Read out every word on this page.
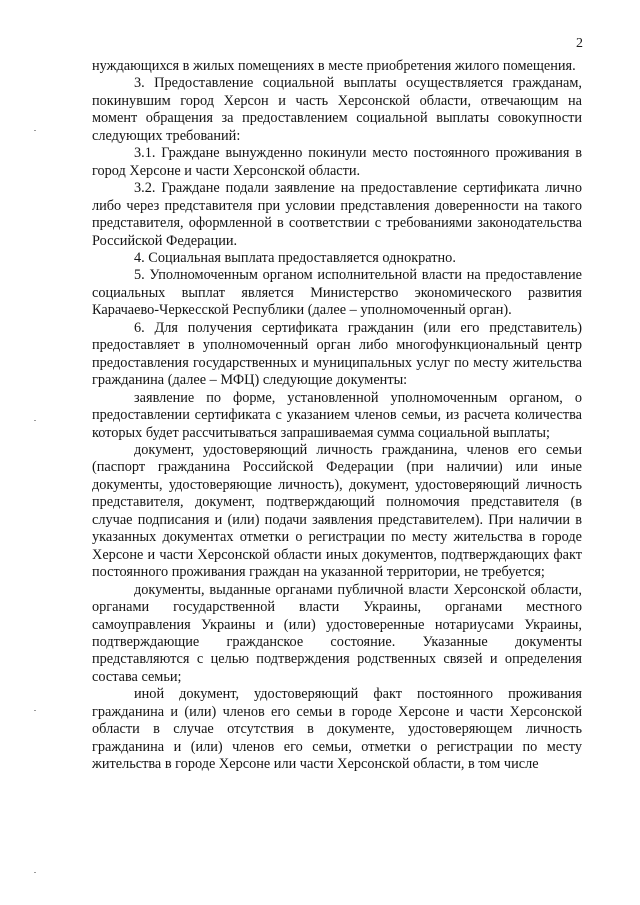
2

нуждающихся в жилых помещениях в месте приобретения жилого помещения.

3. Предоставление социальной выплаты осуществляется гражданам, покинувшим город Херсон и часть Херсонской области, отвечающим на момент обращения за предоставлением социальной выплаты совокупности следующих требований:

3.1. Граждане вынужденно покинули место постоянного проживания в город Херсоне и части Херсонской области.

3.2. Граждане подали заявление на предоставление сертификата лично либо через представителя при условии представления доверенности на такого представителя, оформленной в соответствии с требованиями законодательства Российской Федерации.

4. Социальная выплата предоставляется однократно.

5. Уполномоченным органом исполнительной власти на предоставление социальных выплат является Министерство экономического развития Карачаево-Черкесской Республики (далее – уполномоченный орган).

6. Для получения сертификата гражданин (или его представитель) предоставляет в уполномоченный орган либо многофункциональный центр предоставления государственных и муниципальных услуг по месту жительства гражданина (далее – МФЦ) следующие документы:

заявление по форме, установленной уполномоченным органом, о предоставлении сертификата с указанием членов семьи, из расчета количества которых будет рассчитываться запрашиваемая сумма социальной выплаты;

документ, удостоверяющий личность гражданина, членов его семьи (паспорт гражданина Российской Федерации (при наличии) или иные документы, удостоверяющие личность), документ, удостоверяющий личность представителя, документ, подтверждающий полномочия представителя (в случае подписания и (или) подачи заявления представителем). При наличии в указанных документах отметки о регистрации по месту жительства в городе Херсоне и части Херсонской области иных документов, подтверждающих факт постоянного проживания граждан на указанной территории, не требуется;

документы, выданные органами публичной власти Херсонской области, органами государственной власти Украины, органами местного самоуправления Украины и (или) удостоверенные нотариусами Украины, подтверждающие гражданское состояние. Указанные документы представляются с целью подтверждения родственных связей и определения состава семьи;

иной документ, удостоверяющий факт постоянного проживания гражданина и (или) членов его семьи в городе Херсоне и части Херсонской области в случае отсутствия в документе, удостоверяющем личность гражданина и (или) членов его семьи, отметки о регистрации по месту жительства в городе Херсоне или части Херсонской области, в том числе
